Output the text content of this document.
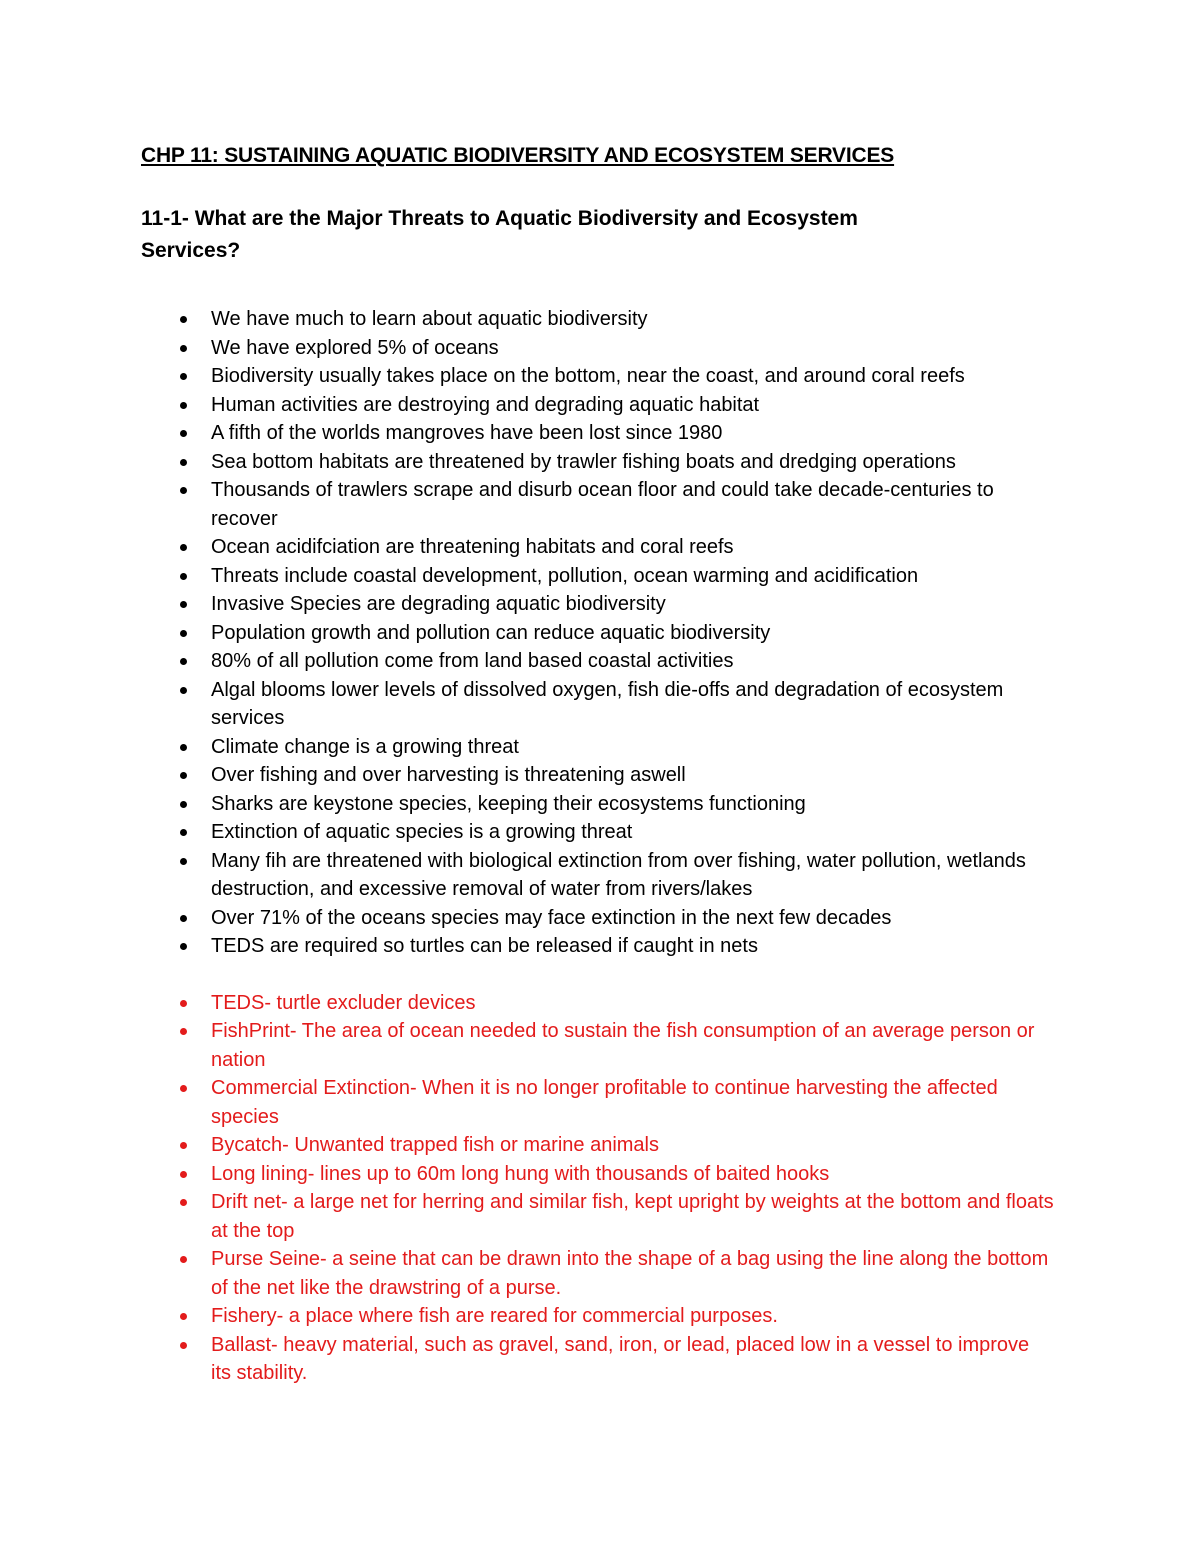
CHP 11: SUSTAINING AQUATIC BIODIVERSITY AND ECOSYSTEM SERVICES
11-1- What are the Major Threats to Aquatic Biodiversity and Ecosystem Services?
We have much to learn about aquatic biodiversity
We have explored 5% of oceans
Biodiversity usually takes place on the bottom, near the coast, and around coral reefs
Human activities are destroying and degrading aquatic habitat
A fifth of the worlds mangroves have been lost since 1980
Sea bottom habitats are threatened by trawler fishing boats and dredging operations
Thousands of trawlers scrape and disurb ocean floor and could take decade-centuries to recover
Ocean acidifciation are threatening habitats and coral reefs
Threats include coastal development, pollution, ocean warming and acidification
Invasive Species are degrading aquatic biodiversity
Population growth and pollution can reduce aquatic biodiversity
80% of all pollution come from land based coastal activities
Algal blooms lower levels of dissolved oxygen, fish die-offs and degradation of ecosystem services
Climate change is a growing threat
Over fishing and over harvesting is threatening aswell
Sharks are keystone species, keeping their ecosystems functioning
Extinction of aquatic species is a growing threat
Many fih are threatened with biological extinction from over fishing, water pollution, wetlands destruction, and excessive removal of water from rivers/lakes
Over 71% of the oceans species may face extinction in the next few decades
TEDS are required so turtles can be released if caught in nets
TEDS- turtle excluder devices
FishPrint- The area of ocean needed to sustain the fish consumption of an average person or nation
Commercial Extinction- When it is no longer profitable to continue harvesting the affected species
Bycatch- Unwanted trapped fish or marine animals
Long lining- lines up to 60m long hung with thousands of baited hooks
Drift net- a large net for herring and similar fish, kept upright by weights at the bottom and floats at the top
Purse Seine- a seine that can be drawn into the shape of a bag using the line along the bottom of the net like the drawstring of a purse.
Fishery- a place where fish are reared for commercial purposes.
Ballast- heavy material, such as gravel, sand, iron, or lead, placed low in a vessel to improve its stability.
